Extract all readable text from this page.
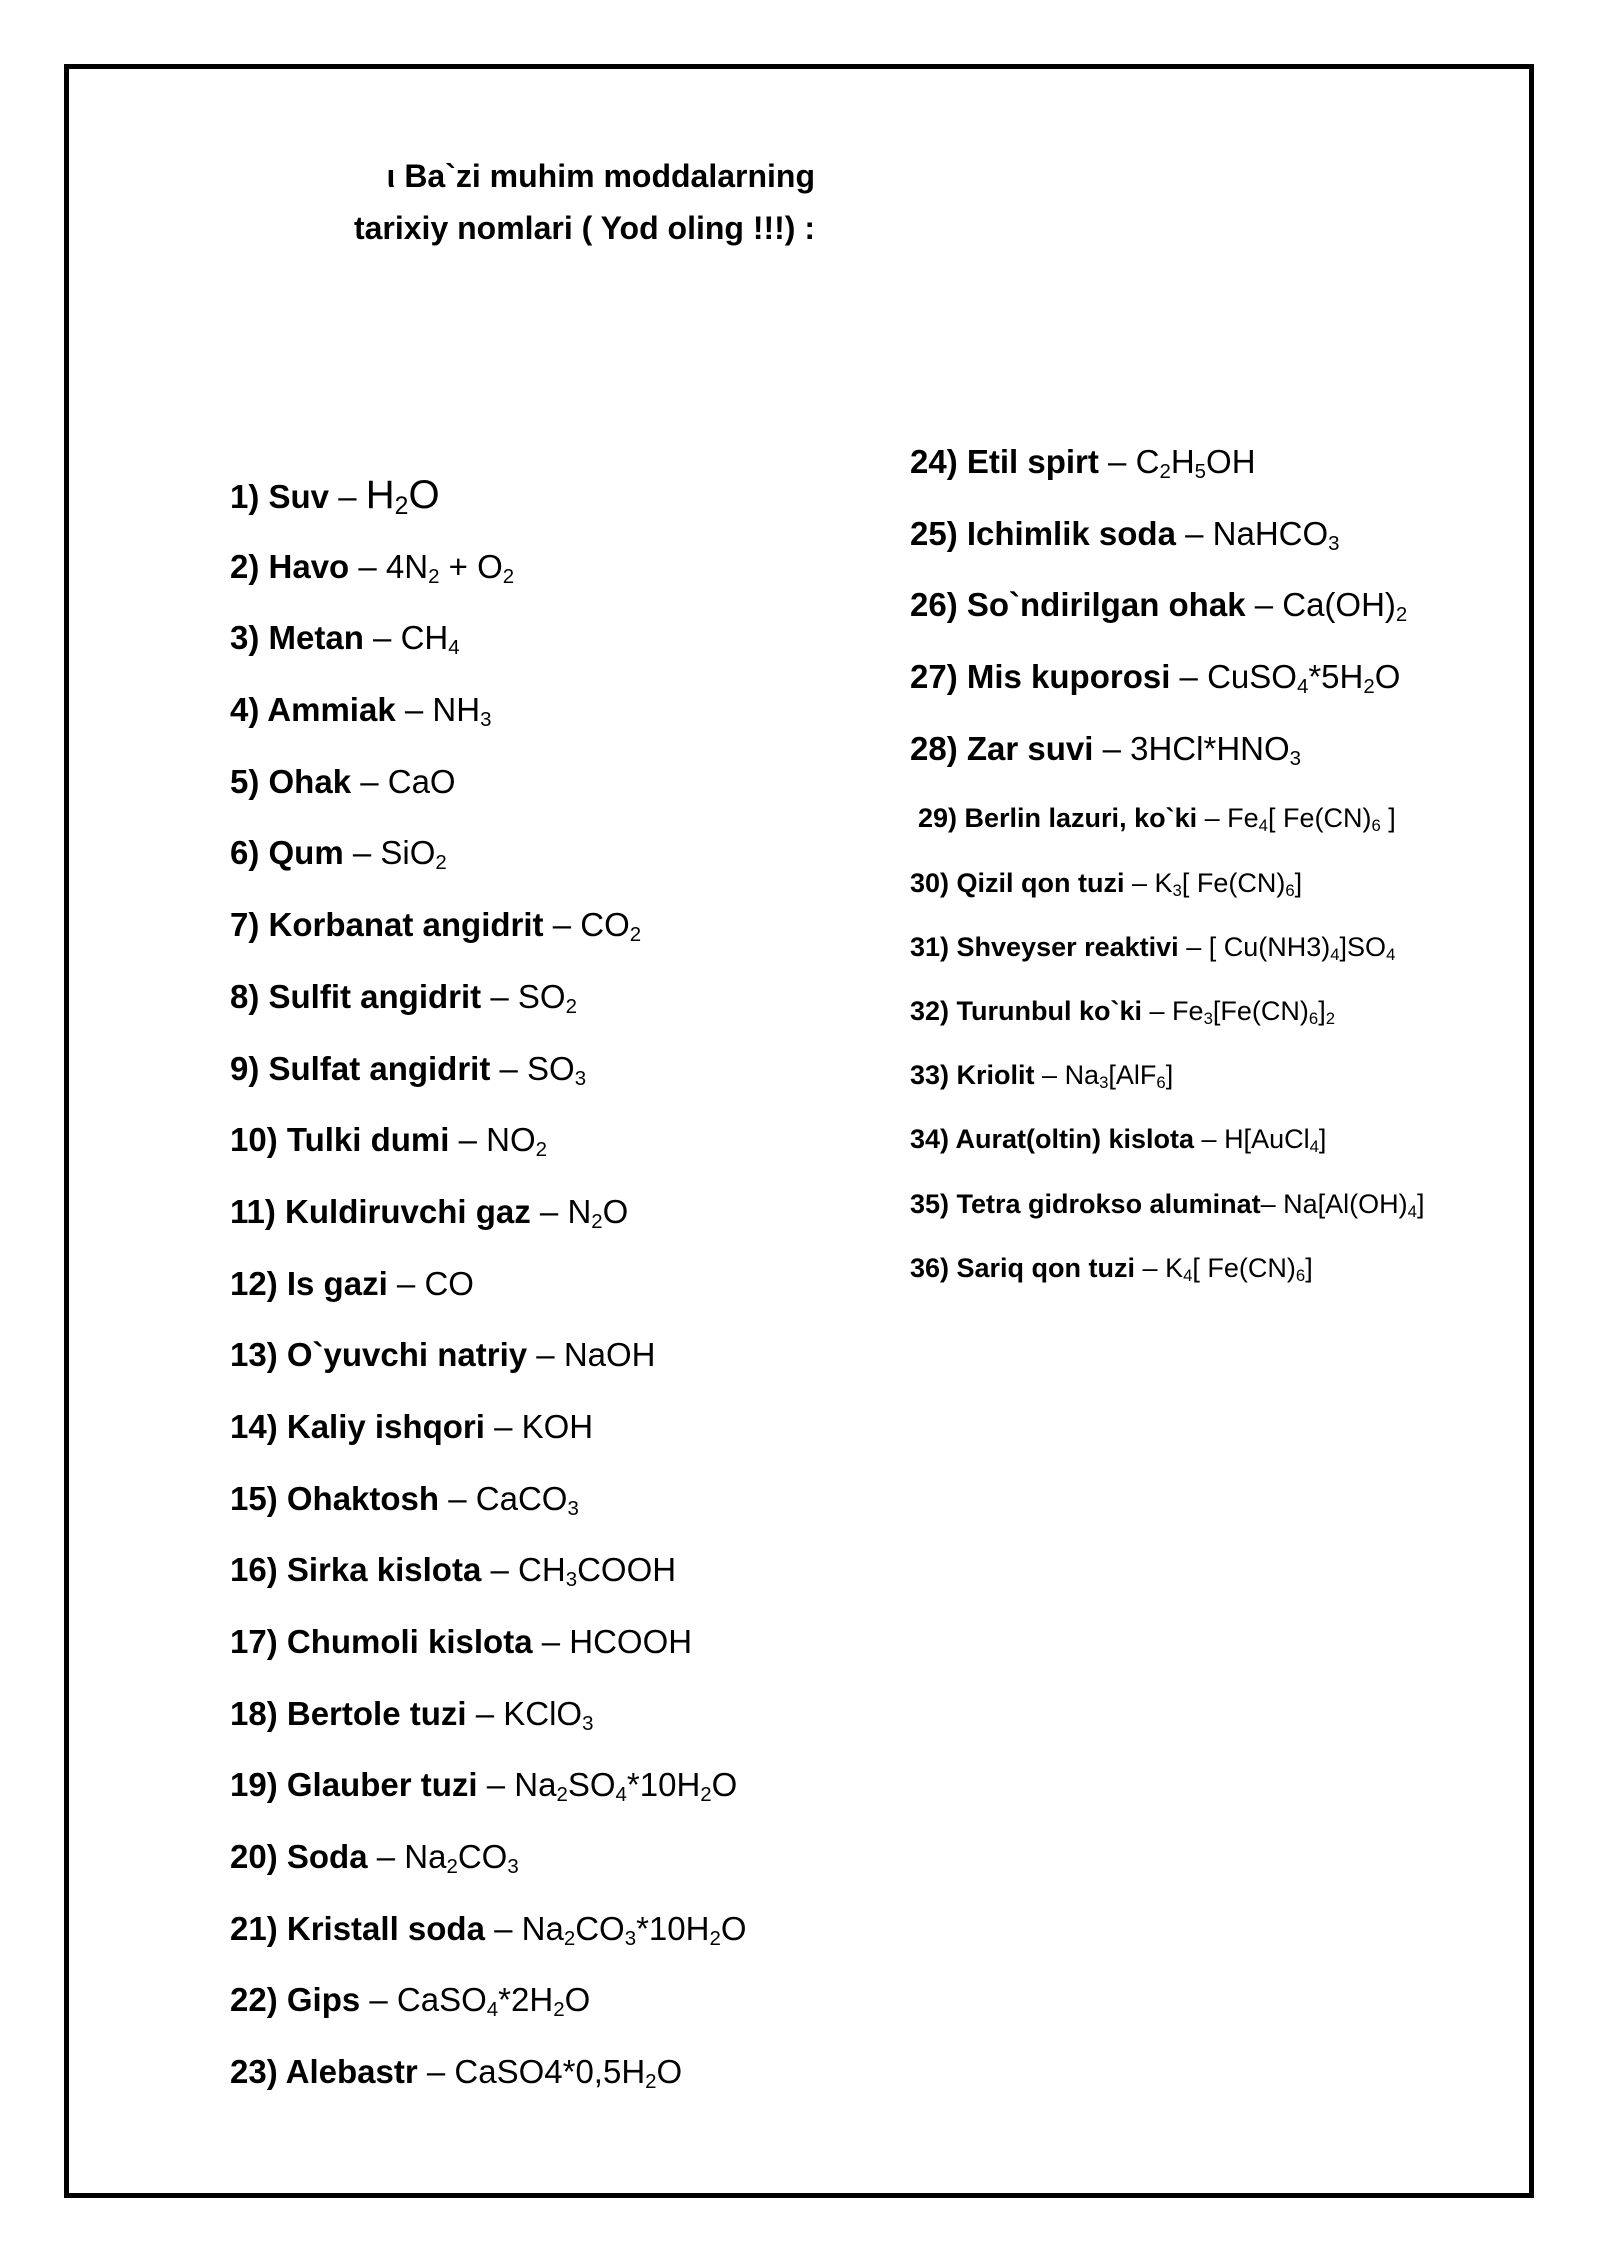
ι Ba`zi muhim moddalarning
tarixiy nomlari ( Yod oling !!!) :
1) Suv – $H_2O$
2) Havo – $4N_2 + O_2$
3) Metan – $CH_4$
4) Ammiak – $NH_3$
5) Ohak – CaO
6) Qum – SiO$_2$
7) Korbanat angidrit – $CO_2$
8) Sulfit angidrit – $SO_2$
9) Sulfat angidrit – $SO_3$
10) Tulki dumi – $NO_2$
11) Kuldiruvchi gaz – $N_2O$
12) Is gazi – CO
13) O`yuvchi natriy – NaOH
14) Kaliy ishqori – KOH
15) Ohaktosh – CaCO$_3$
16) Sirka kislota – $CH_3COOH$
17) Chumoli kislota – HCOOH
18) Bertole tuzi – KClO$_3$
19) Glauber tuzi – $Na_2SO_4*10H_2O$
20) Soda – $Na_2CO_3$
21) Kristall soda – $Na_2CO_3*10H_2O$
22) Gips – $CaSO_4*2H_2O$
23) Alebastr – $CaSO4*0,5H_2O$
24) Etil spirt – $C_2H_5OH$
25) Ichimlik soda – NaHCO$_3$
26) So`ndirilgan ohak – $Ca(OH)_2$
27) Mis kuporosi – $CuSO_4*5H_2O$
28) Zar suvi – $3HCl*HNO_3$
29) Berlin lazuri, ko`ki – $Fe_4$[ $Fe(CN)_6$ ]
30) Qizil qon tuzi – $K_3$[ $Fe(CN)_6$]
31) Shveyser reaktivi – [ $Cu(NH3)_4]SO_4$
32) Turunbul ko`ki – $Fe_3[Fe(CN)_6]_2$
33) Kriolit – $Na_3[AlF_6]$
34) Aurat(oltin) kislota – H[AuCl$_4$]
35) Tetra gidrokso aluminat– $Na[Al(OH)_4]$
36) Sariq qon tuzi – $K_4$[ $Fe(CN)_6$]
